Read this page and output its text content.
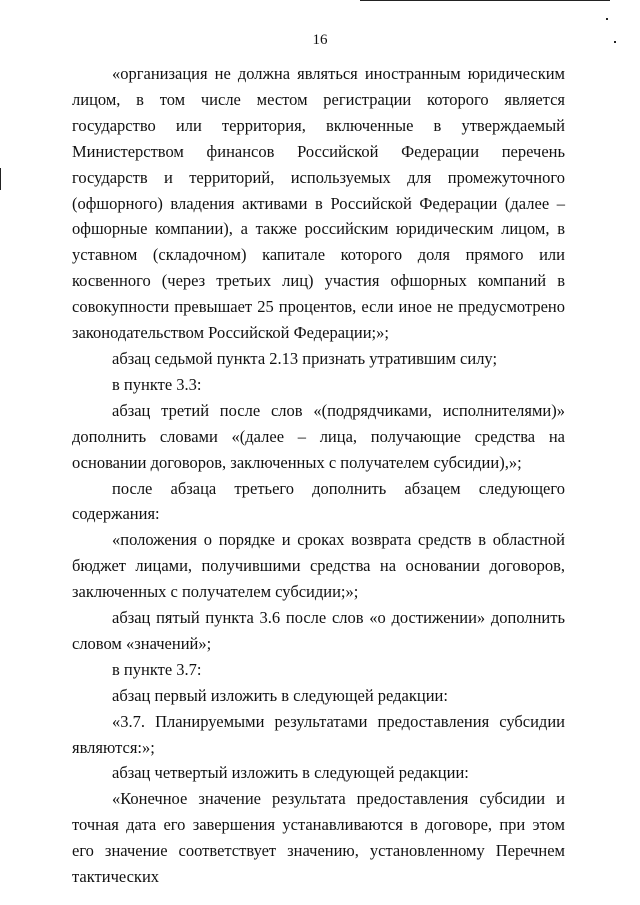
16

«организация не должна являться иностранным юридическим лицом, в том числе местом регистрации которого является государство или территория, включенные в утверждаемый Министерством финансов Российской Федерации перечень государств и территорий, используемых для промежуточного (офшорного) владения активами в Российской Федерации (далее – офшорные компании), а также российским юридическим лицом, в уставном (складочном) капитале которого доля прямого или косвенного (через третьих лиц) участия офшорных компаний в совокупности превышает 25 процентов, если иное не предусмотрено законодательством Российской Федерации;»;

абзац седьмой пункта 2.13 признать утратившим силу;

в пункте 3.3:

абзац третий после слов «(подрядчиками, исполнителями)» дополнить словами «(далее – лица, получающие средства на основании договоров, заключенных с получателем субсидии),»;

после абзаца третьего дополнить абзацем следующего содержания:

«положения о порядке и сроках возврата средств в областной бюджет лицами, получившими средства на основании договоров, заключенных с получателем субсидии;»;

абзац пятый пункта 3.6 после слов «о достижении» дополнить словом «значений»;

в пункте 3.7:

абзац первый изложить в следующей редакции:

«3.7. Планируемыми результатами предоставления субсидии являются:»;

абзац четвертый изложить в следующей редакции:

«Конечное значение результата предоставления субсидии и точная дата его завершения устанавливаются в договоре, при этом его значение соответствует значению, установленному Перечнем тактических
